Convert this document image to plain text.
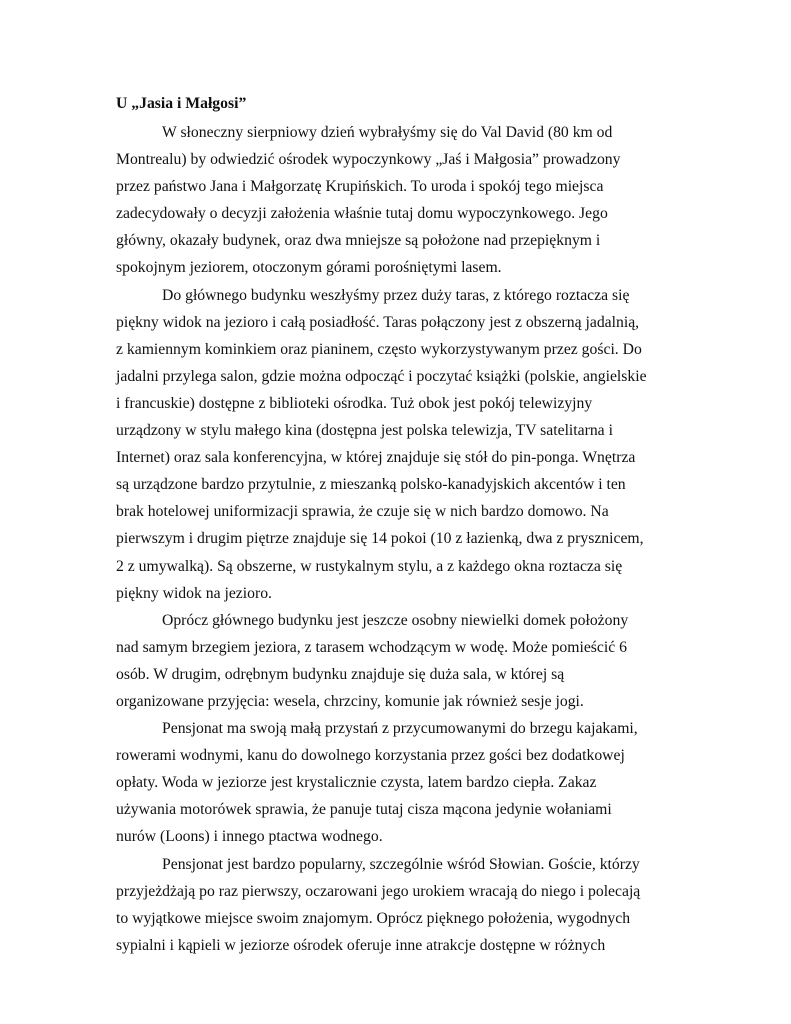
U „Jasia i Małgosi”
W słoneczny sierpniowy dzień wybrałyśmy się do Val David (80 km od
Montrealu) by odwiedzić ośrodek wypoczynkowy „Jaś i Małgosia” prowadzony
przez państwo Jana i Małgorzatę Krupińskich. To uroda i spokój tego miejsca
zadecydowały o decyzji założenia właśnie tutaj domu wypoczynkowego. Jego
główny, okazały budynek, oraz dwa mniejsze są położone nad przepięknym i
spokojnym jeziorem, otoczonym górami porośniętymi lasem.
Do głównego budynku weszłyśmy przez duży taras, z którego roztacza się
piękny widok na jezioro i całą posiadłość. Taras połączony jest z obszerną jadalnią,
z kamiennym kominkiem oraz pianinem, często wykorzystywanym przez gości. Do
jadalni przylega salon, gdzie można odpocząć i poczytać książki (polskie, angielskie
i francuskie) dostępne z biblioteki ośrodka. Tuż obok jest pokój telewizyjny
urządzony w stylu małego kina (dostępna jest polska telewizja, TV satelitarna i
Internet) oraz sala konferencyjna, w której znajduje się stół do pin-ponga. Wnętrza
są urządzone bardzo przytulnie, z mieszanką polsko-kanadyjskich akcentów i ten
brak hotelowej uniformizacji sprawia, że czuje się w nich bardzo domowo. Na
pierwszym i drugim piętrze znajduje się 14 pokoi (10 z łazienką, dwa z prysznicem,
2 z umywalką). Są obszerne, w rustykalnym stylu, a z każdego okna roztacza się
piękny widok na jezioro.
Oprócz głównego budynku jest jeszcze osobny niewielki domek położony
nad samym brzegiem jeziora, z tarasem wchodzącym w wodę. Może pomieścić 6
osób. W drugim, odrębnym budynku znajduje się duża sala, w której są
organizowane przyjęcia: wesela, chrzciny, komunie jak również sesje jogi.
Pensjonat ma swoją małą przystań z przycumowanymi do brzegu kajakami,
rowerami wodnymi, kanu do dowolnego korzystania przez gości bez dodatkowej
opłaty. Woda w jeziorze jest krystalicznie czysta, latem bardzo ciepła. Zakaz
używania motorówek sprawia, że panuje tutaj cisza mącona jedynie wołaniami
nurów (Loons) i innego ptactwa wodnego.
Pensjonat jest bardzo popularny, szczególnie wśród Słowian. Goście, którzy
przyjeżdżają po raz pierwszy, oczarowani jego urokiem wracają do niego i polecają
to wyjątkowe miejsce swoim znajomym. Oprócz pięknego położenia, wygodnych
sypialni i kąpieli w jeziorze ośrodek oferuje inne atrakcje dostępne w różnych
